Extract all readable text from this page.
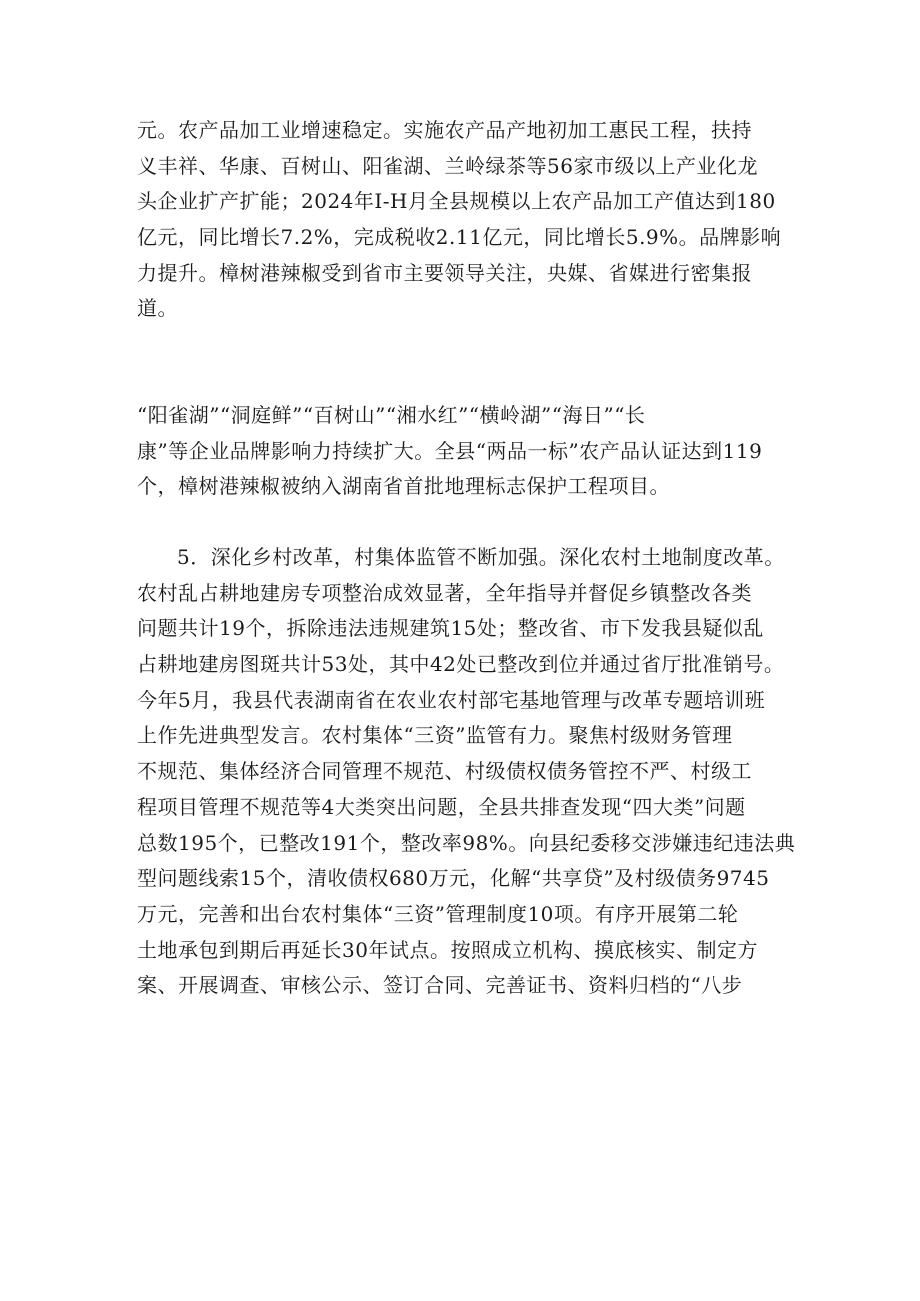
元。农产品加工业增速稳定。实施农产品产地初加工惠民工程，扶持
义丰祥、华康、百树山、阳雀湖、兰岭绿茶等56家市级以上产业化龙
头企业扩产扩能；2024年I-H月全县规模以上农产品加工产值达到180
亿元，同比增长7.2%，完成税收2.11亿元，同比增长5.9%。品牌影响
力提升。樟树港辣椒受到省市主要领导关注，央媒、省媒进行密集报
道。
“阳雀湖”“洞庭鲜”“百树山”“湘水红”“横岭湖”“海日”“长
康”等企业品牌影响力持续扩大。全县“两品一标”农产品认证达到119
个，樟树港辣椒被纳入湖南省首批地理标志保护工程项目。
5．深化乡村改革，村集体监管不断加强。深化农村土地制度改革。
农村乱占耕地建房专项整治成效显著，全年指导并督促乡镇整改各类
问题共计19个，拆除违法违规建筑15处；整改省、市下发我县疑似乱
占耕地建房图斑共计53处，其中42处已整改到位并通过省厅批准销号。
今年5月，我县代表湖南省在农业农村部宅基地管理与改革专题培训班
上作先进典型发言。农村集体“三资”监管有力。聚焦村级财务管理
不规范、集体经济合同管理不规范、村级债权债务管控不严、村级工
程项目管理不规范等4大类突出问题，全县共排查发现“四大类”问题
总数195个，已整改191个，整改率98%。向县纪委移交涉嫌违纪违法典
型问题线索15个，清收债权680万元，化解“共享贷”及村级债务9745
万元，完善和出台农村集体“三资”管理制度10项。有序开展第二轮
土地承包到期后再延长30年试点。按照成立机构、摸底核实、制定方
案、开展调查、审核公示、签订合同、完善证书、资料归档的“八步
